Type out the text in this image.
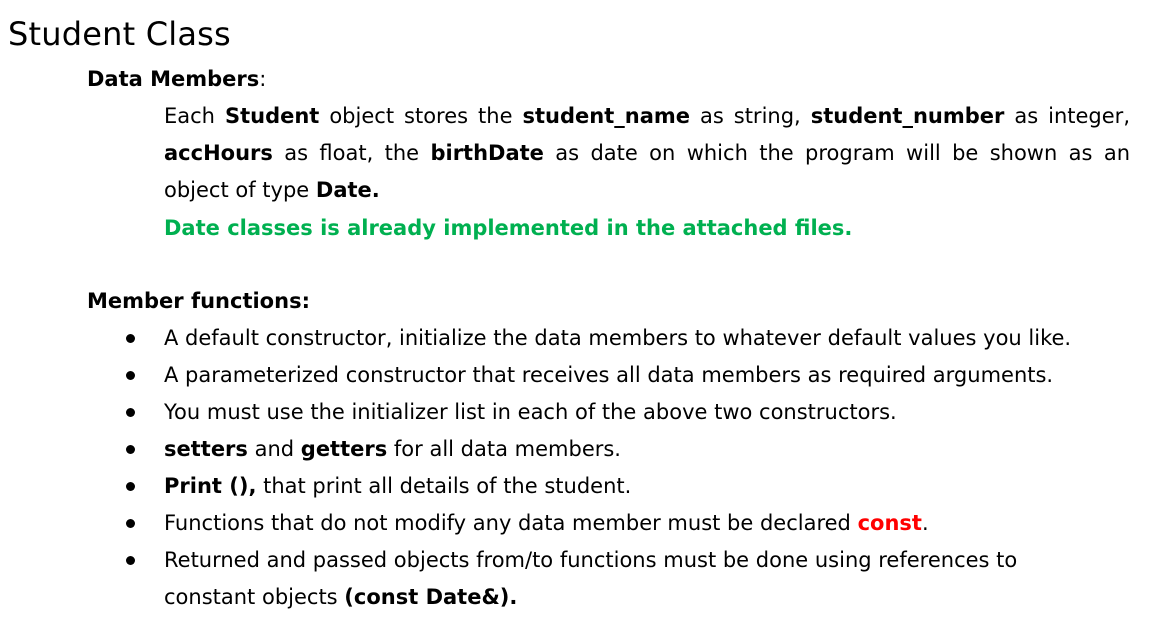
Student Class
Data Members:
Each Student object stores the student_name as string, student_number as integer, accHours as float, the birthDate as date on which the program will be shown as an object of type Date.
Date classes is already implemented in the attached files.
Member functions:
A default constructor, initialize the data members to whatever default values you like.
A parameterized constructor that receives all data members as required arguments.
You must use the initializer list in each of the above two constructors.
setters and getters for all data members.
Print (), that print all details of the student.
Functions that do not modify any data member must be declared const.
Returned and passed objects from/to functions must be done using references to constant objects (const Date&).
